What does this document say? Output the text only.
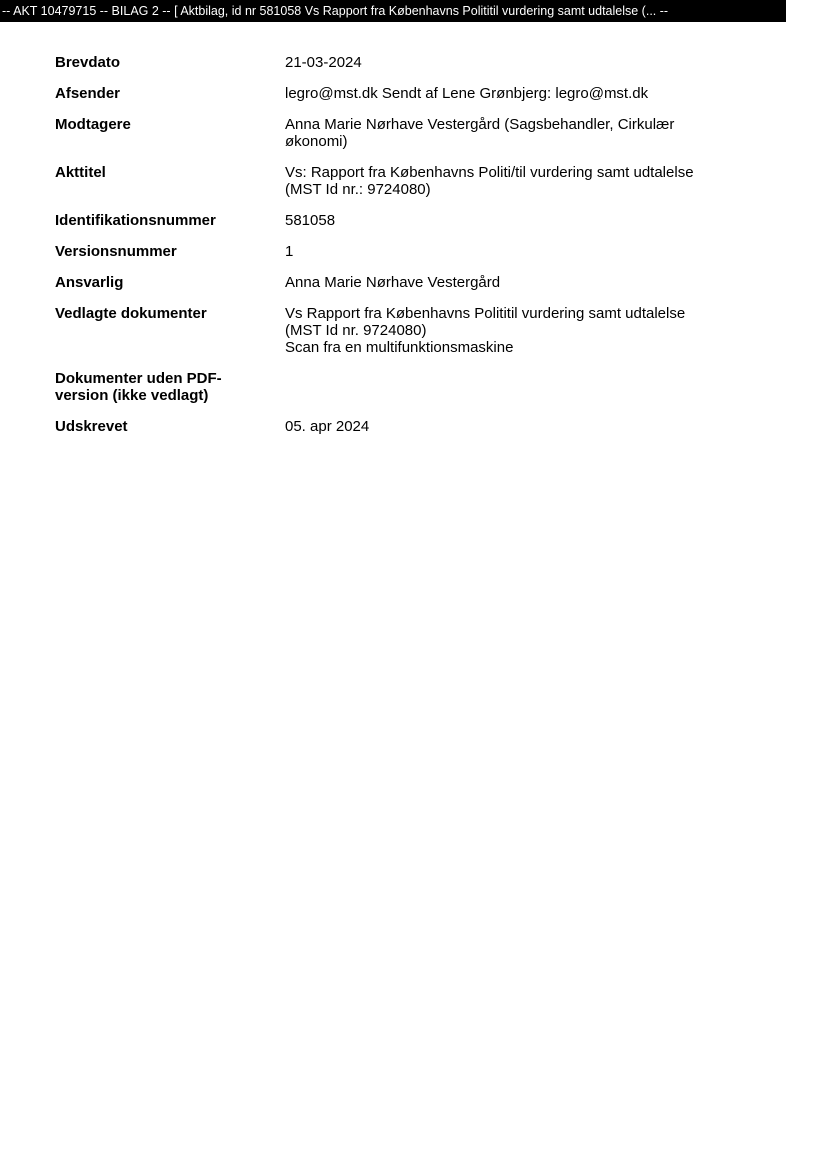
-- AKT 10479715 -- BILAG 2 -- [ Aktbilag, id nr 581058 Vs Rapport fra Københavns Polititil vurdering samt udtalelse (... --
Brevdato	21-03-2024

Afsender	legro@mst.dk Sendt af Lene Grønbjerg: legro@mst.dk

Modtagere	Anna Marie Nørhave Vestergård (Sagsbehandler, Cirkulær
økonomi)

Akttitel	Vs: Rapport fra Københavns Politi/til vurdering samt udtalelse
(MST Id nr.: 9724080)

Identifikationsnummer	581058

Versionsnummer	1

Ansvarlig	Anna Marie Nørhave Vestergård

Vedlagte dokumenter	Vs Rapport fra Københavns Polititil vurdering samt udtalelse
(MST Id nr. 9724080)
Scan fra en multifunktionsmaskine

Dokumenter uden PDF-
version (ikke vedlagt)	

Udskrevet	05. apr 2024
